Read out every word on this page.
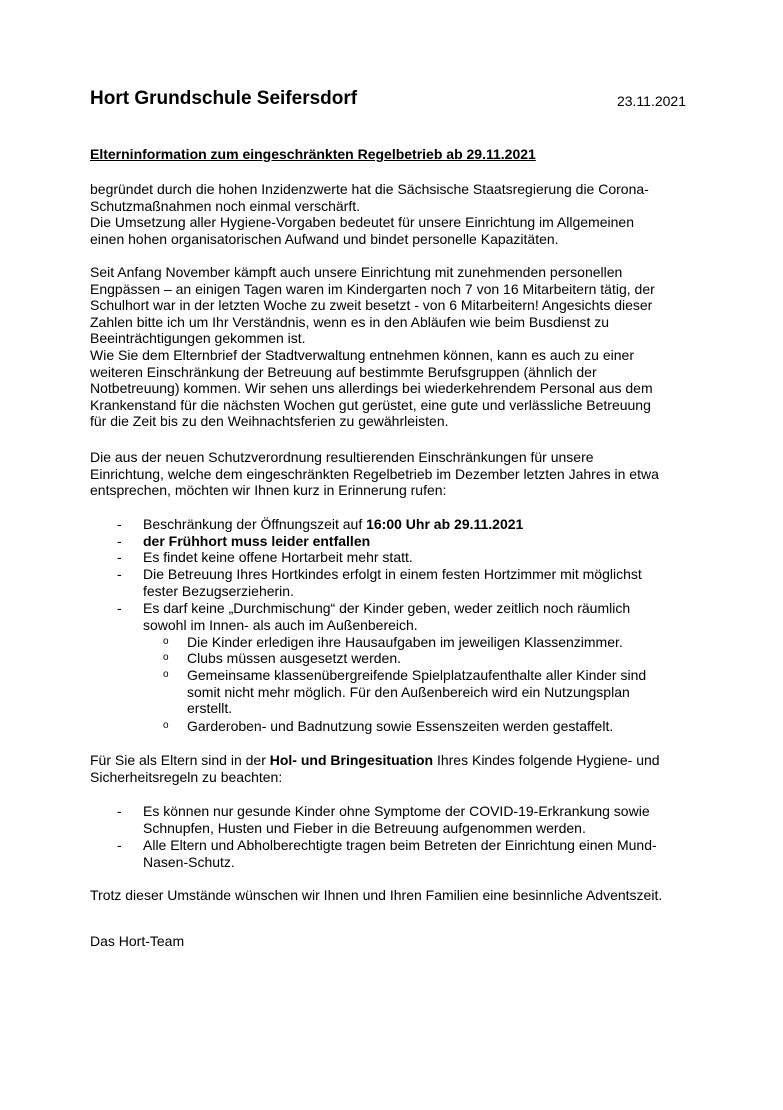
Hort Grundschule Seifersdorf	23.11.2021
Elterninformation zum eingeschränkten Regelbetrieb ab 29.11.2021
begründet durch die hohen Inzidenzwerte hat die Sächsische Staatsregierung die Corona-
Schutzmaßnahmen noch einmal verschärft.
Die Umsetzung aller Hygiene-Vorgaben bedeutet für unsere Einrichtung im Allgemeinen
einen hohen organisatorischen Aufwand und bindet personelle Kapazitäten.
Seit Anfang November kämpft auch unsere Einrichtung mit zunehmenden personellen
Engpässen – an einigen Tagen waren im Kindergarten noch 7 von 16 Mitarbeitern tätig, der
Schulhort war in der letzten Woche zu zweit besetzt - von 6 Mitarbeitern! Angesichts dieser
Zahlen bitte ich um Ihr Verständnis, wenn es in den Abläufen wie beim Busdienst zu
Beeinträchtigungen gekommen ist.
Wie Sie dem Elternbrief der Stadtverwaltung entnehmen können, kann es auch zu einer
weiteren Einschränkung der Betreuung auf bestimmte Berufsgruppen (ähnlich der
Notbetreuung) kommen. Wir sehen uns allerdings bei wiederkehrendem Personal aus dem
Krankenstand für die nächsten Wochen gut gerüstet, eine gute und verlässliche Betreuung
für die Zeit bis zu den Weihnachtsferien zu gewährleisten.
Die aus der neuen Schutzverordnung resultierenden Einschränkungen für unsere
Einrichtung, welche dem eingeschränkten Regelbetrieb im Dezember letzten Jahres in etwa
entsprechen, möchten wir Ihnen kurz in Erinnerung rufen:
- Beschränkung der Öffnungszeit auf 16:00 Uhr ab 29.11.2021
- der Frühhort muss leider entfallen
- Es findet keine offene Hortarbeit mehr statt.
- Die Betreuung Ihres Hortkindes erfolgt in einem festen Hortzimmer mit möglichst
fester Bezugserzieherin.
- Es darf keine „Durchmischung“ der Kinder geben, weder zeitlich noch räumlich
sowohl im Innen- als auch im Außenbereich.
o Die Kinder erledigen ihre Hausaufgaben im jeweiligen Klassenzimmer.
o Clubs müssen ausgesetzt werden.
o Gemeinsame klassenübergreifende Spielplatzaufenthalte aller Kinder sind
somit nicht mehr möglich. Für den Außenbereich wird ein Nutzungsplan
erstellt.
o Garderoben- und Badnutzung sowie Essenszeiten werden gestaffelt.
Für Sie als Eltern sind in der Hol- und Bringesituation Ihres Kindes folgende Hygiene- und
Sicherheitsregeln zu beachten:
- Es können nur gesunde Kinder ohne Symptome der COVID-19-Erkrankung sowie
Schnupfen, Husten und Fieber in die Betreuung aufgenommen werden.
- Alle Eltern und Abholberechtigte tragen beim Betreten der Einrichtung einen Mund-
Nasen-Schutz.
Trotz dieser Umstände wünschen wir Ihnen und Ihren Familien eine besinnliche Adventszeit.
Das Hort-Team
